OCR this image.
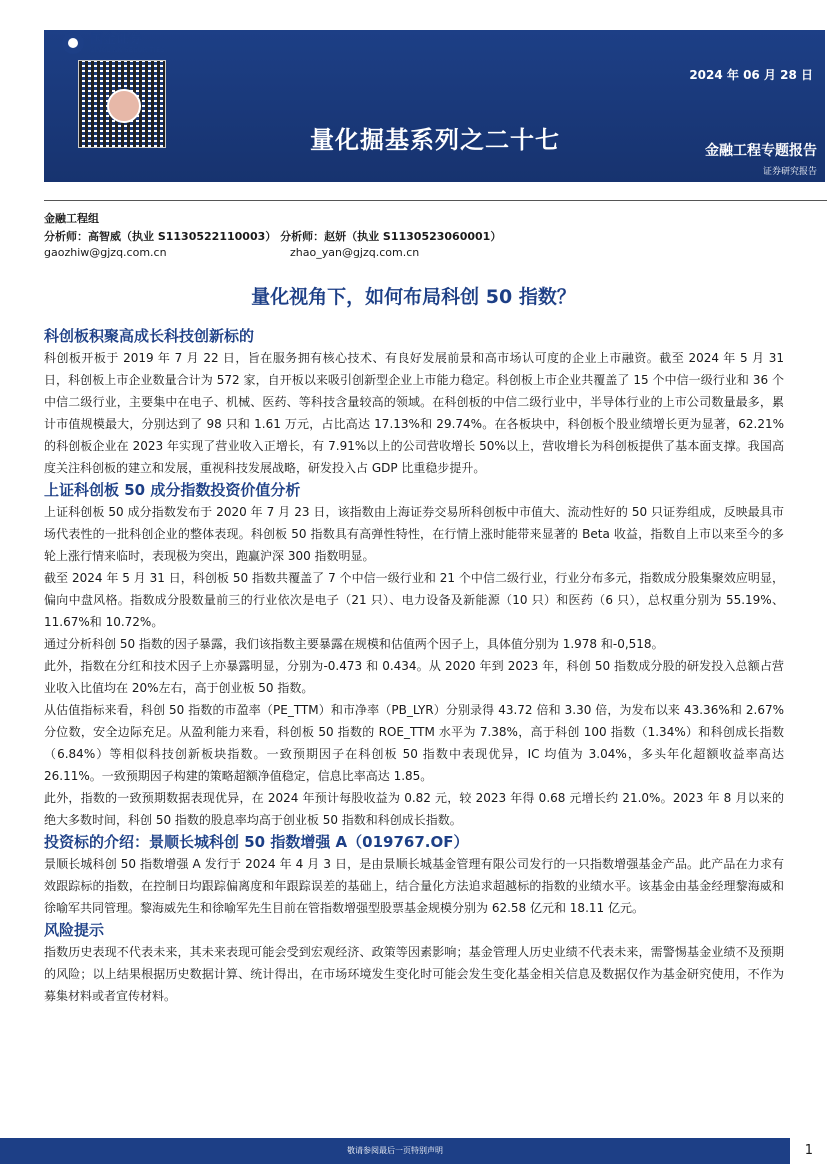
2024 年 06 月 28 日
量化掘基系列之二十七	金融工程专题报告
证券研究报告
国金证券
SINOLINK SECURITIES
金融工程组
分析师：高智威（执业 S1130522110003） 分析师：赵妍（执业 S1130523060001）
gaozhiw@gjzq.com.cn	zhao_yan@gjzq.com.cn
量化视角下，如何布局科创 50 指数？
科创板积聚高成长科技创新标的

科创板开板于 2019 年 7 月 22 日，旨在服务拥有核心技术、有良好发展前景和高市场认可度的企业上市融资。截至 2024 年 5 月 31 日，科创板上市企业数量合计为 572 家，自开板以来吸引创新型企业上市能力稳定。科创板上市企业共覆盖了 15 个中信一级行业和 36 个中信二级行业，主要集中在电子、机械、医药、等科技含量较高的领域。在科创板的中信二级行业中，半导体行业的上市公司数量最多，累计市值规模最大，分别达到了 98 只和 1.61 万元，占比高达 17.13%和 29.74%。在各板块中，科创板个股业绩增长更为显著，62.21%的科创板企业在 2023 年实现了营业收入正增长，有 7.91%以上的公司营收增长 50%以上，营收增长为科创板提供了基本面支撑。我国高度关注科创板的建立和发展，重视科技发展战略，研发投入占 GDP 比重稳步提升。

上证科创板 50 成分指数投资价值分析

上证科创板 50 成分指数发布于 2020 年 7 月 23 日，该指数由上海证券交易所科创板中市值大、流动性好的 50 只证券组成，反映最具市场代表性的一批科创企业的整体表现。科创板 50 指数具有高弹性特性，在行情上涨时能带来显著的 Beta 收益，指数自上市以来至今的多轮上涨行情来临时，表现极为突出，跑赢沪深 300 指数明显。

截至 2024 年 5 月 31 日，科创板 50 指数共覆盖了 7 个中信一级行业和 21 个中信二级行业，行业分布多元，指数成分股集聚效应明显，偏向中盘风格。指数成分股数量前三的行业依次是电子（21 只）、电力设备及新能源（10 只）和医药（6 只），总权重分别为 55.19%、11.67%和 10.72%。

通过分析科创 50 指数的因子暴露，我们该指数主要暴露在规模和估值两个因子上，具体值分别为 1.978 和-0,518。

此外，指数在分红和技术因子上亦暴露明显，分别为-0.473 和 0.434。从 2020 年到 2023 年，科创 50 指数成分股的研发投入总额占营业收入比值均在 20%左右，高于创业板 50 指数。

从估值指标来看，科创 50 指数的市盈率（PE_TTM）和市净率（PB_LYR）分别录得 43.72 倍和 3.30 倍，为发布以来 43.36%和 2.67%分位数，安全边际充足。从盈利能力来看，科创板 50 指数的 ROE_TTM 水平为 7.38%，高于科创 100 指数（1.34%）和科创成长指数（6.84%）等相似科技创新板块指数。一致预期因子在科创板 50 指数中表现优异，IC 均值为 3.04%，多头年化超额收益率高达 26.11%。一致预期因子构建的策略超额净值稳定，信息比率高达 1.85。

此外，指数的一致预期数据表现优异，在 2024 年预计每股收益为 0.82 元，较 2023 年得 0.68 元增长约 21.0%。2023 年 8 月以来的绝大多数时间，科创 50 指数的股息率均高于创业板 50 指数和科创成长指数。

投资标的介绍：景顺长城科创 50 指数增强 A（019767.OF）

景顺长城科创 50 指数增强 A 发行于 2024 年 4 月 3 日，是由景顺长城基金管理有限公司发行的一只指数增强基金产品。此产品在力求有效跟踪标的指数，在控制日均跟踪偏离度和年跟踪误差的基础上，结合量化方法追求超越标的指数的业绩水平。该基金由基金经理黎海威和徐喻军共同管理。黎海威先生和徐喻军先生目前在管指数增强型股票基金规模分别为 62.58 亿元和 18.11 亿元。

风险提示

指数历史表现不代表未来，其未来表现可能会受到宏观经济、政策等因素影响；基金管理人历史业绩不代表未来，需警惕基金业绩不及预期的风险；以上结果根据历史数据计算、统计得出，在市场环境发生变化时可能会发生变化基金相关信息及数据仅作为基金研究使用，不作为募集材料或者宣传材料。

敬请参阅最后一页特别声明	1
